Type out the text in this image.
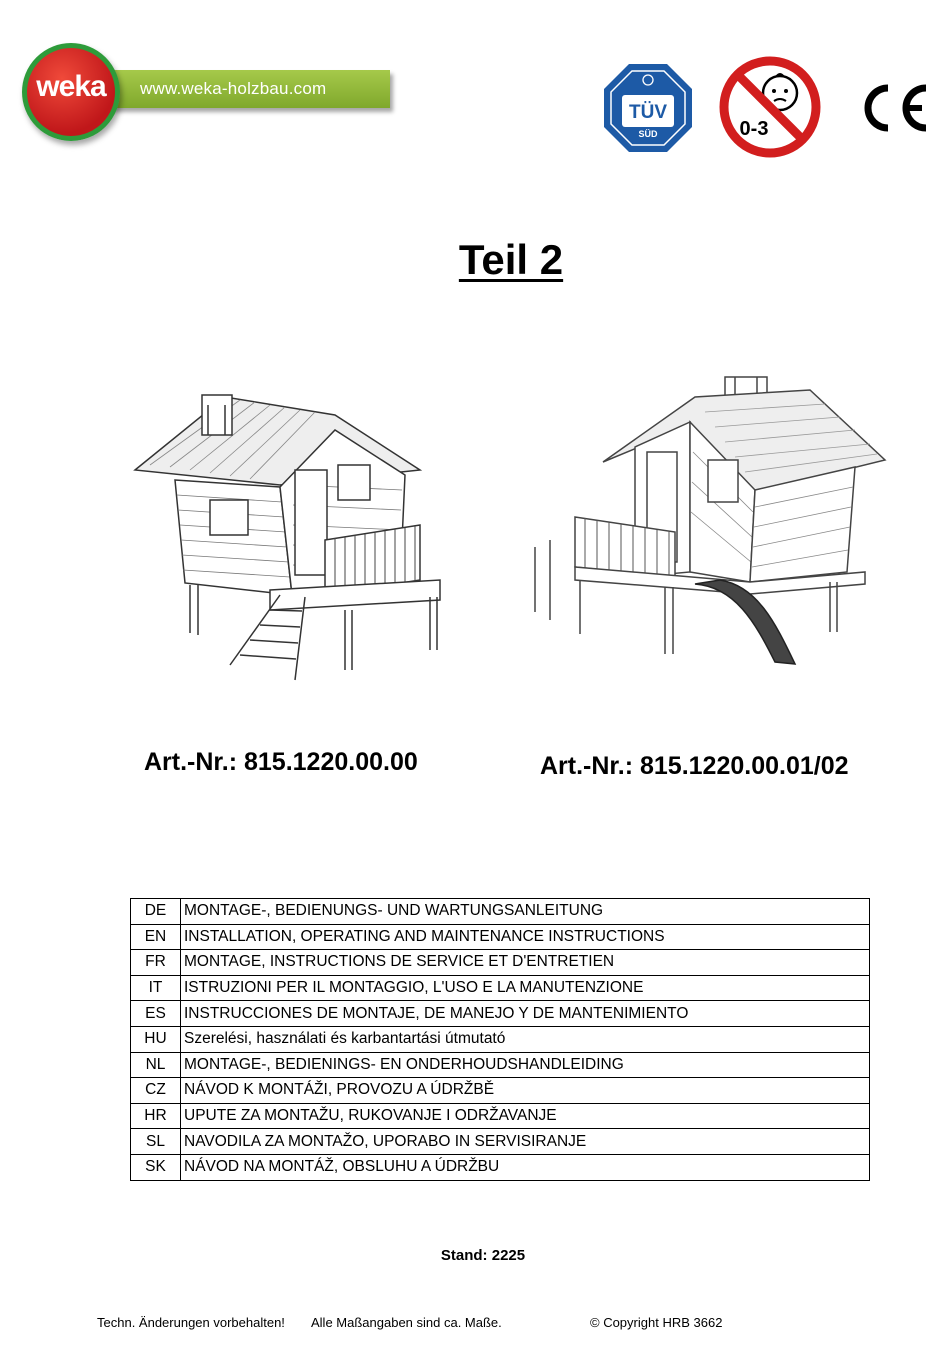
www.weka-holzbau.com
weka
TÜV
SÜD	0-3
Teil 2
Art.-Nr.: 815.1220.00.00	Art.-Nr.: 815.1220.00.01/02
DE	MONTAGE-, BEDIENUNGS- UND WARTUNGSANLEITUNG
EN	INSTALLATION, OPERATING AND MAINTENANCE INSTRUCTIONS
FR	MONTAGE, INSTRUCTIONS DE SERVICE ET D'ENTRETIEN
IT	ISTRUZIONI PER IL MONTAGGIO, L'USO E LA MANUTENZIONE
ES	INSTRUCCIONES DE MONTAJE, DE MANEJO Y DE MANTENIMIENTO
HU	Szerelési, használati és karbantartási útmutató
NL	MONTAGE-, BEDIENINGS- EN ONDERHOUDSHANDLEIDING
CZ	NÁVOD K MONTÁŽI, PROVOZU A ÚDRŽBĚ
HR	UPUTE ZA MONTAŽU, RUKOVANJE I ODRŽAVANJE
SL	NAVODILA ZA MONTAŽO, UPORABO IN SERVISIRANJE
SK	NÁVOD NA MONTÁŽ, OBSLUHU A ÚDRŽBU
Stand: 2225
Techn. Änderungen vorbehalten! Alle Maßangaben sind ca. Maße.	© Copyright HRB 3662
